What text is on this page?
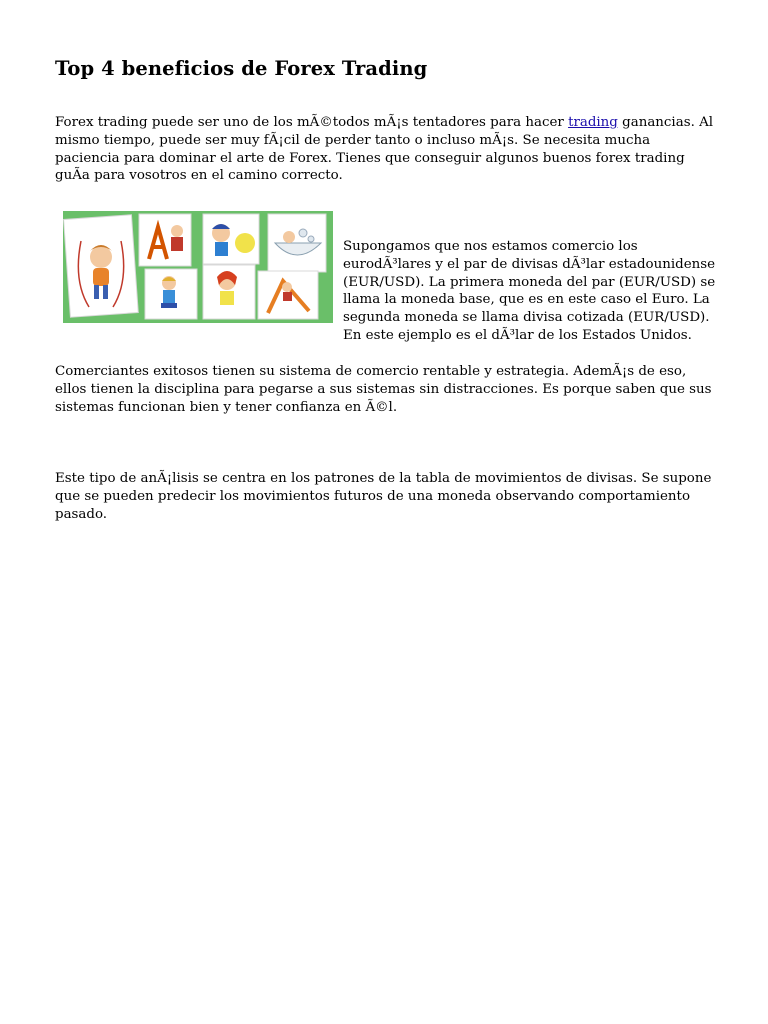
Top 4 beneficios de Forex Trading

Forex trading puede ser uno de los mÃ©todos mÃ¡s tentadores para hacer trading ganancias. Al mismo tiempo, puede ser muy fÃ¡cil de perder tanto o incluso mÃ¡s. Se necesita mucha paciencia para dominar el arte de Forex. Tienes que conseguir algunos buenos forex trading guÃa para vosotros en el camino correcto.

Supongamos que nos estamos comercio los eurodÃ³lares y el par de divisas dÃ³lar estadounidense (EUR/USD). La primera moneda del par (EUR/USD) se llama la moneda base, que es en este caso el Euro. La segunda moneda se llama divisa cotizada (EUR/USD). En este ejemplo es el dÃ³lar de los Estados Unidos.

Comerciantes exitosos tienen su sistema de comercio rentable y estrategia. AdemÃ¡s de eso, ellos tienen la disciplina para pegarse a sus sistemas sin distracciones. Es porque saben que sus sistemas funcionan bien y tener confianza en Ã©l.

Este tipo de anÃ¡lisis se centra en los patrones de la tabla de movimientos de divisas. Se supone que se pueden predecir los movimientos futuros de una moneda observando comportamiento pasado.
